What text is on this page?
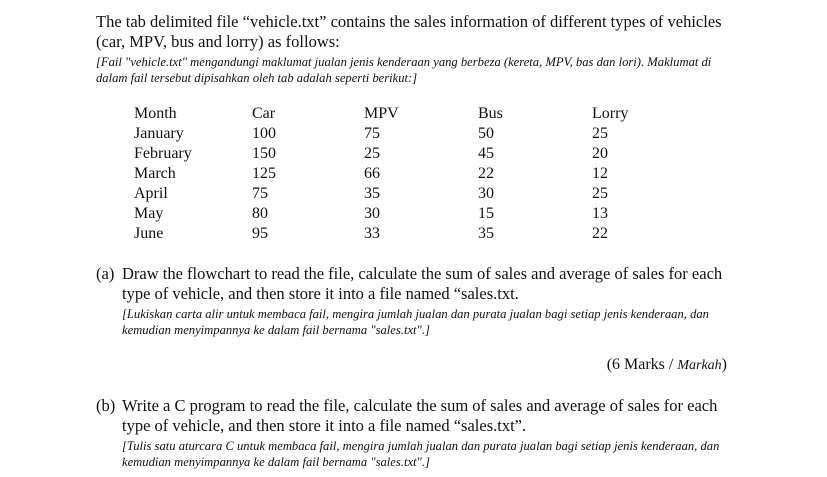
The tab delimited file “vehicle.txt” contains the sales information of different types of vehicles (car, MPV, bus and lorry) as follows:

[Fail "vehicle.txt" mengandungi maklumat jualan jenis kenderaan yang berbeza (kereta, MPV, bas dan lori). Maklumat di dalam fail tersebut dipisahkan oleh tab adalah seperti berikut:]

Month	Car	MPV	Bus	Lorry
January	100	75	50	25
February	150	25	45	20
March	125	66	22	12
April	75	35	30	25
May	80	30	15	13
June	95	33	35	22
(a) Draw the flowchart to read the file, calculate the sum of sales and average of sales for each type of vehicle, and then store it into a file named “sales.txt.

[Lukiskan carta alir untuk membaca fail, mengira jumlah jualan dan purata jualan bagi setiap jenis kenderaan, dan kemudian menyimpannya ke dalam fail bernama "sales.txt".]

(6 Marks / Markah)
(b) Write a C program to read the file, calculate the sum of sales and average of sales for each type of vehicle, and then store it into a file named “sales.txt”.

[Tulis satu aturcara C untuk membaca fail, mengira jumlah jualan dan purata jualan bagi setiap jenis kenderaan, dan kemudian menyimpannya ke dalam fail bernama "sales.txt".]
